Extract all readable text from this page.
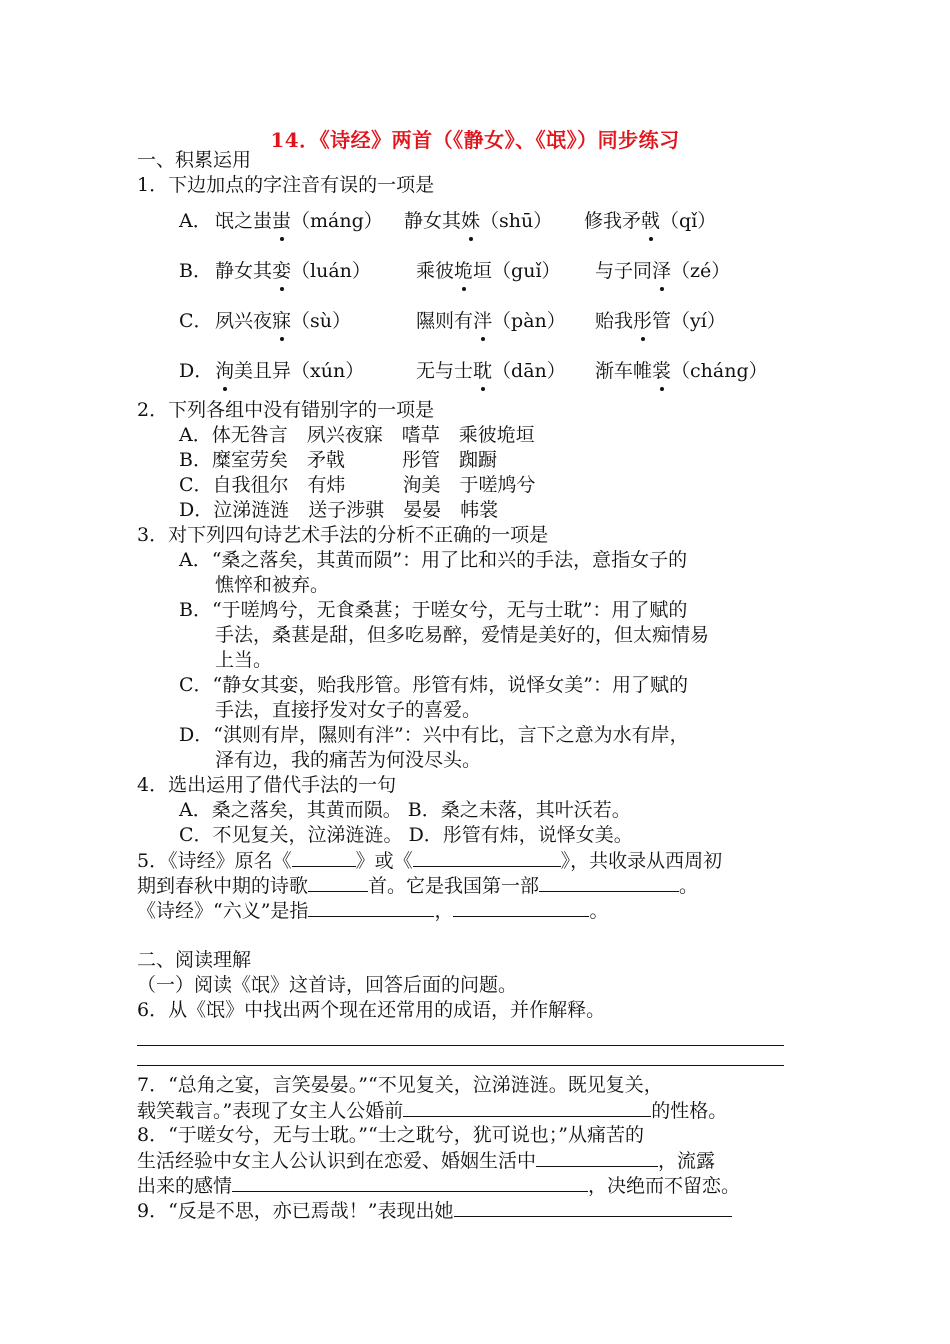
14．《诗经》两首（《静女》、《氓》）同步练习
一、积累运用
1．下边加点的字注音有误的一项是
A． 氓之蚩蚩（máng） 静女其姝（shū） 修我矛戟（qǐ）
B． 静女其娈（luán） 乘彼垝垣（guǐ） 与子同泽（zé）
C． 夙兴夜寐（sù）	隰则有泮（pàn） 贻我彤管（yí）
D． 洵美且异（xún）	无与士耽（dān） 渐车帷裳（cháng）
2．下列各组中没有错别字的一项是
A．体无咎言　夙兴夜寐　嗜草　乘彼垝垣
B．糜室劳矣　矛戟　　　彤管　踟蹰
C．自我徂尔　有炜　　　洵美　于嗟鸠兮
D．泣涕涟涟　送子涉骐　晏晏　帏裳
3．对下列四句诗艺术手法的分析不正确的一项是
A．“桑之落矣，其黄而陨”：用了比和兴的手法，意指女子的
憔悴和被弃。
B．“于嗟鸠兮，无食桑葚；于嗟女兮，无与士耽”：用了赋的
手法，桑葚是甜，但多吃易醉，爱情是美好的，但太痴情易
上当。
C．“静女其娈，贻我彤管。彤管有炜，说怿女美”：用了赋的
手法，直接抒发对女子的喜爱。
D．“淇则有岸，隰则有泮”：兴中有比，言下之意为水有岸，
泽有边，我的痛苦为何没尽头。
4．选出运用了借代手法的一句
A．桑之落矣，其黄而陨。 B．桑之未落，其叶沃若。
C．不见复关，泣涕涟涟。 D．彤管有炜，说怿女美。
5．《诗经》原名《	》或《	》，共收录从西周初
期到春秋中期的诗歌	首。它是我国第一部	。
《诗经》“六义”是指	，	。
二、阅读理解
（一）阅读《氓》这首诗，回答后面的问题。
6．从《氓》中找出两个现在还常用的成语，并作解释。
7．“总角之宴，言笑晏晏。”“不见复关，泣涕涟涟。既见复关，
载笑载言。”表现了女主人公婚前	的性格。
8．“于嗟女兮，无与士耽。”“士之耽兮，犹可说也；”从痛苦的
生活经验中女主人公认识到在恋爱、婚姻生活中	，流露
出来的感情	，决绝而不留恋。
9．“反是不思，亦已焉哉！”表现出她
